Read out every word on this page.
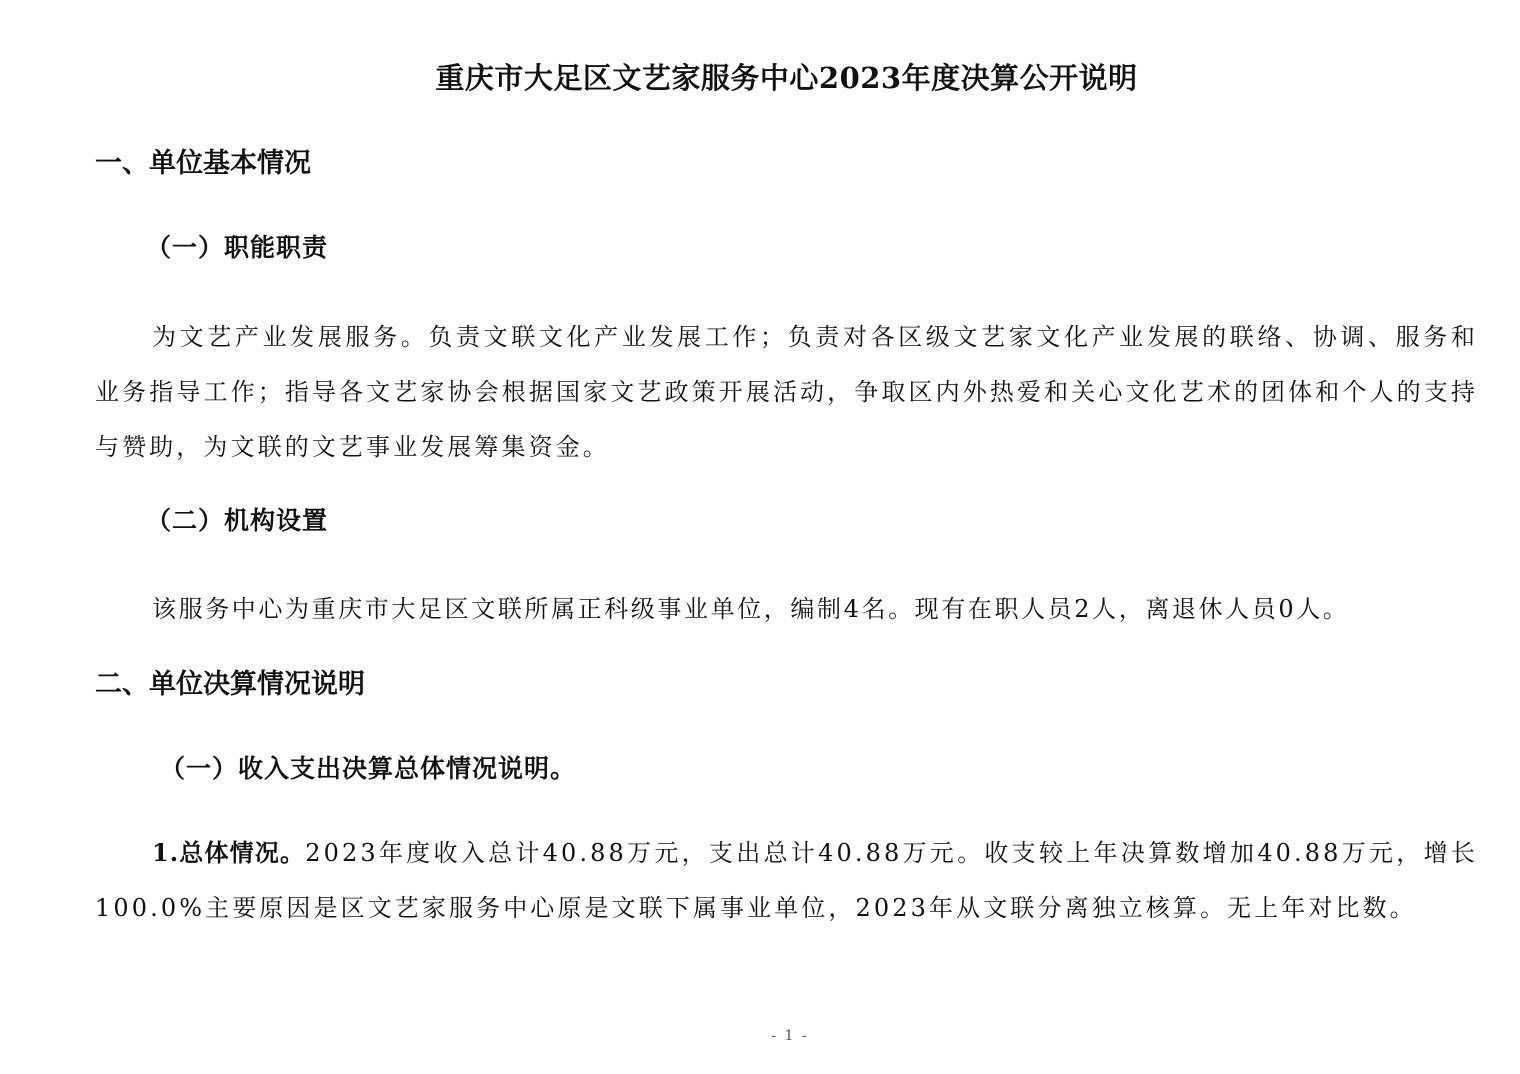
重庆市大足区文艺家服务中心2023年度决算公开说明
一、单位基本情况
（一）职能职责

为文艺产业发展服务。负责文联文化产业发展工作；负责对各区级文艺家文化产业发展的联络、协调、服务和业务指导工作；指导各文艺家协会根据国家文艺政策开展活动，争取区内外热爱和关心文化艺术的团体和个人的支持与赞助，为文联的文艺事业发展筹集资金。

（二）机构设置

该服务中心为重庆市大足区文联所属正科级事业单位，编制4名。现有在职人员2人，离退休人员0人。

二、单位决算情况说明
（一）收入支出决算总体情况说明。

1.总体情况。2023年度收入总计40.88万元，支出总计40.88万元。收支较上年决算数增加40.88万元，增长100.0%主要原因是区文艺家服务中心原是文联下属事业单位，2023年从文联分离独立核算。无上年对比数。

- 1 -
